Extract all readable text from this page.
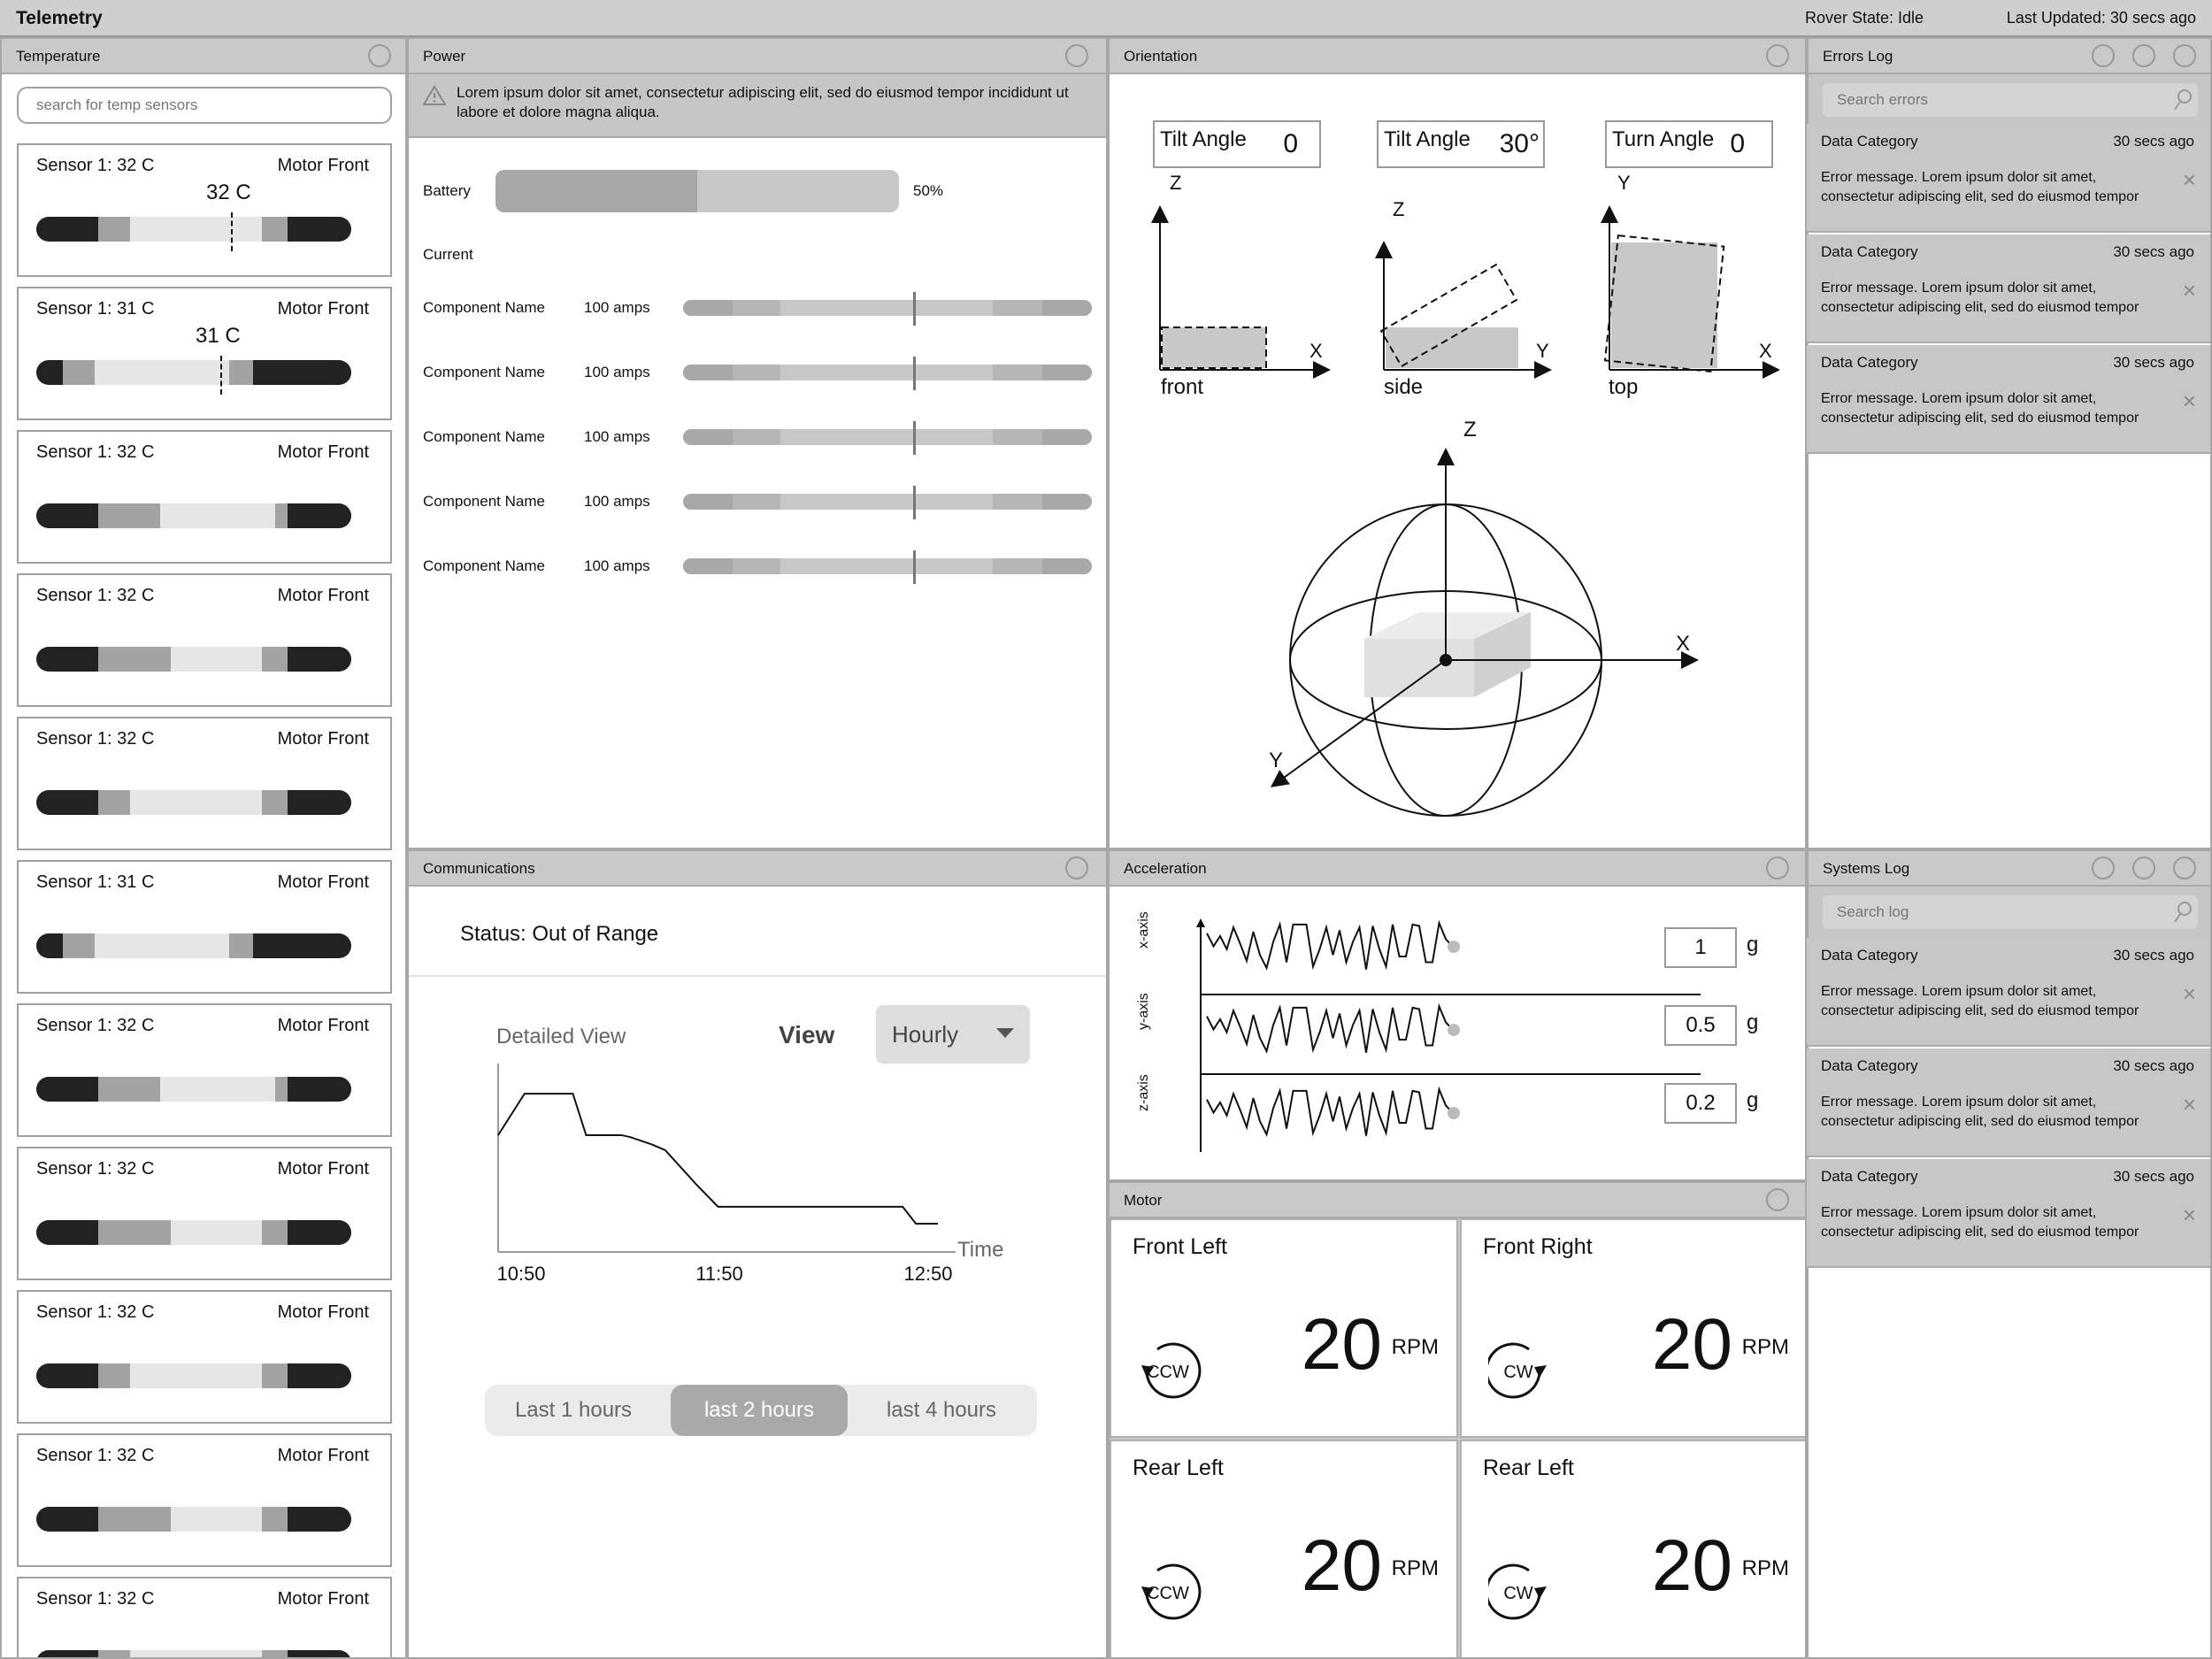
Telemetry	Rover State: Idle	Last Updated: 30 secs ago
Temperature
search for temp sensors
Sensor 1: 32 C	Motor Front
32 C
Sensor 1: 31 C	Motor Front
31 C
Sensor 1: 32 C	Motor Front
Sensor 1: 32 C	Motor Front
Sensor 1: 32 C	Motor Front
Sensor 1: 31 C	Motor Front
Sensor 1: 32 C	Motor Front
Sensor 1: 32 C	Motor Front
Sensor 1: 32 C	Motor Front
Sensor 1: 32 C	Motor Front
Sensor 1: 32 C	Motor Front
Power
Lorem ipsum dolor sit amet, consectetur adipiscing elit, sed do eiusmod tempor incididunt ut labore et dolore magna aliqua.
Battery	50%
Current
Component Name	100 amps
Component Name	100 amps
Component Name	100 amps
Component Name	100 amps
Component Name	100 amps
Orientation
Tilt Angle 0	Tilt Angle 30°	Turn Angle 0
Z
X
front
Z
Y
side
Y
X
top
Z
X
Y
Errors Log
Search errors
Data Category	30 secs ago
Error message. Lorem ipsum dolor sit amet, consectetur adipiscing elit, sed do eiusmod tempor
×
Data Category	30 secs ago
Error message. Lorem ipsum dolor sit amet, consectetur adipiscing elit, sed do eiusmod tempor
×
Data Category	30 secs ago
Error message. Lorem ipsum dolor sit amet, consectetur adipiscing elit, sed do eiusmod tempor
×
Communications
Status: Out of Range
Detailed View	View Hourly
10:50	11:50	12:50
Time
Last 1 hours	last 2 hours	last 4 hours
Acceleration
x-axis	1	g
y-axis	0.5	g
z-axis	0.2	g
Motor
Front Left
CCW 20 RPM
Front Right
CW 20 RPM
Rear Left
CCW 20 RPM
Rear Left
CW 20 RPM
Systems Log
Search log
Data Category	30 secs ago
Error message. Lorem ipsum dolor sit amet, consectetur adipiscing elit, sed do eiusmod tempor
×
Data Category	30 secs ago
Error message. Lorem ipsum dolor sit amet, consectetur adipiscing elit, sed do eiusmod tempor
×
Data Category	30 secs ago
Error message. Lorem ipsum dolor sit amet, consectetur adipiscing elit, sed do eiusmod tempor
×
